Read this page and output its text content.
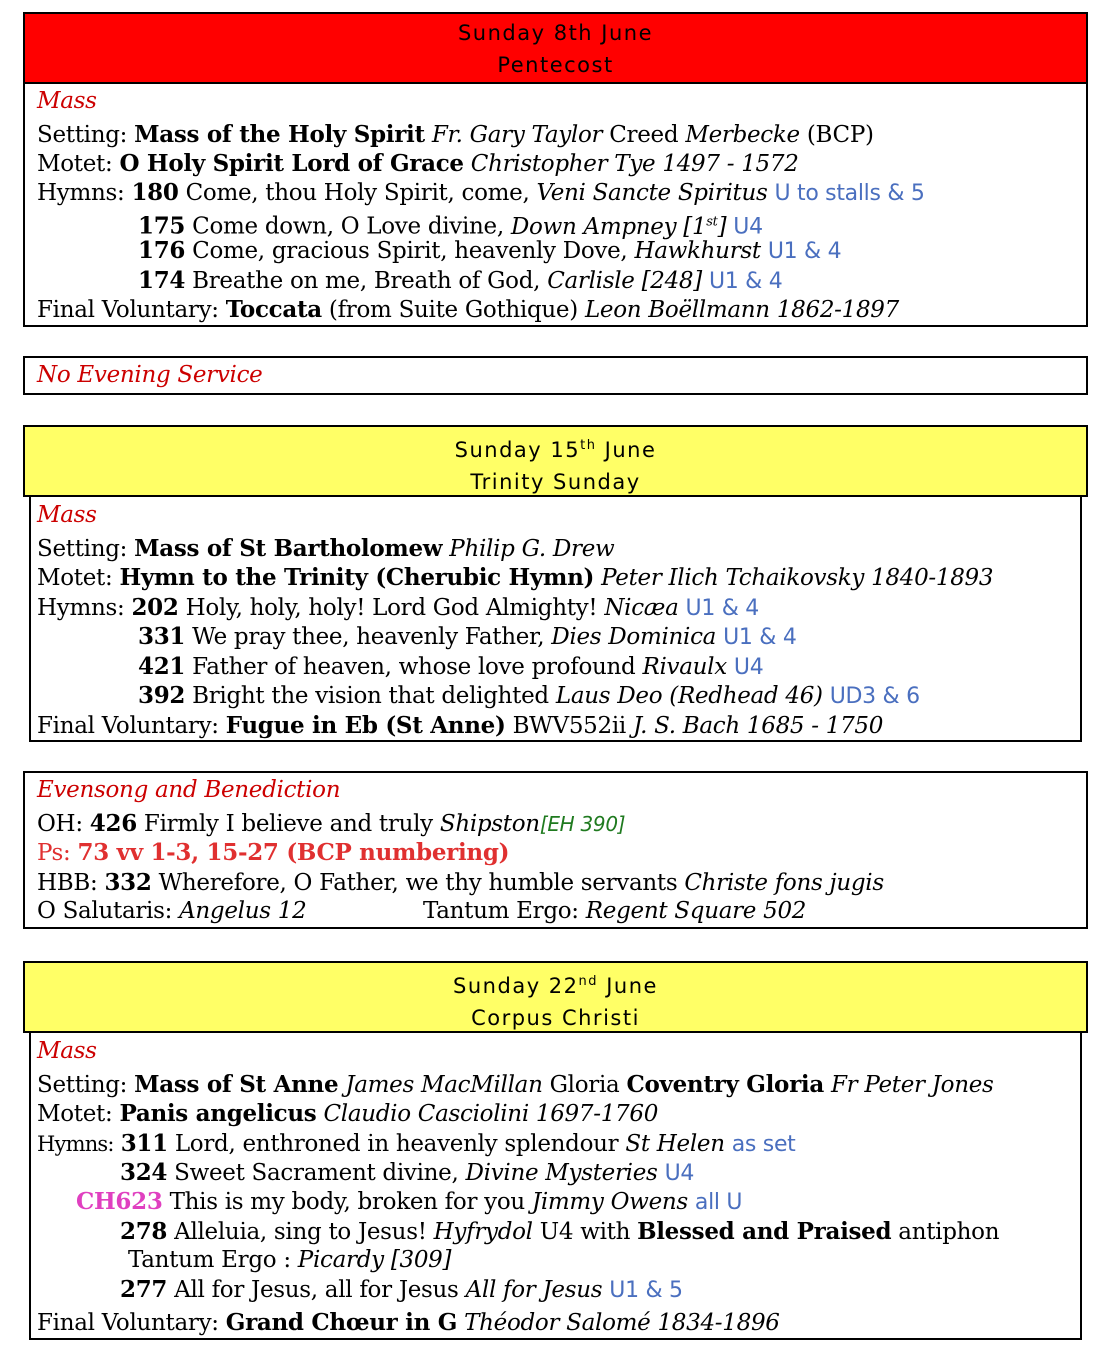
Sunday 8th June
Pentecost
Mass
Setting: Mass of the Holy Spirit Fr. Gary Taylor Creed Merbecke (BCP)
Motet: O Holy Spirit Lord of Grace Christopher Tye 1497 - 1572
Hymns: 180 Come, thou Holy Spirit, come, Veni Sancte Spiritus U to stalls & 5
175 Come down, O Love divine, Down Ampney [1st] U4
176 Come, gracious Spirit, heavenly Dove, Hawkhurst U1 & 4
174 Breathe on me, Breath of God, Carlisle [248] U1 & 4
Final Voluntary: Toccata (from Suite Gothique) Leon Boëllmann 1862-1897
No Evening Service
Sunday 15th June
Trinity Sunday
Mass
Setting: Mass of St Bartholomew Philip G. Drew
Motet: Hymn to the Trinity (Cherubic Hymn) Peter Ilich Tchaikovsky 1840-1893
Hymns: 202 Holy, holy, holy! Lord God Almighty! Nicæa U1 & 4
331 We pray thee, heavenly Father, Dies Dominica U1 & 4
421 Father of heaven, whose love profound Rivaulx U4
392 Bright the vision that delighted Laus Deo (Redhead 46) UD3 & 6
Final Voluntary: Fugue in Eb (St Anne) BWV552ii J. S. Bach 1685 - 1750
Evensong and Benediction
OH: 426 Firmly I believe and truly Shipston[EH 390]
Ps: 73 vv 1-3, 15-27 (BCP numbering)
HBB: 332 Wherefore, O Father, we thy humble servants Christe fons jugis
O Salutaris: Angelus 12	Tantum Ergo: Regent Square 502
Sunday 22nd June
Corpus Christi
Mass
Setting: Mass of St Anne James MacMillan Gloria Coventry Gloria Fr Peter Jones
Motet: Panis angelicus Claudio Casciolini 1697-1760
Hymns: 311 Lord, enthroned in heavenly splendour St Helen as set
324 Sweet Sacrament divine, Divine Mysteries U4
CH623 This is my body, broken for you Jimmy Owens all U
278 Alleluia, sing to Jesus! Hyfrydol U4 with Blessed and Praised antiphon
Tantum Ergo : Picardy [309]
277 All for Jesus, all for Jesus All for Jesus U1 & 5
Final Voluntary: Grand Chœur in G Théodor Salomé 1834-1896
